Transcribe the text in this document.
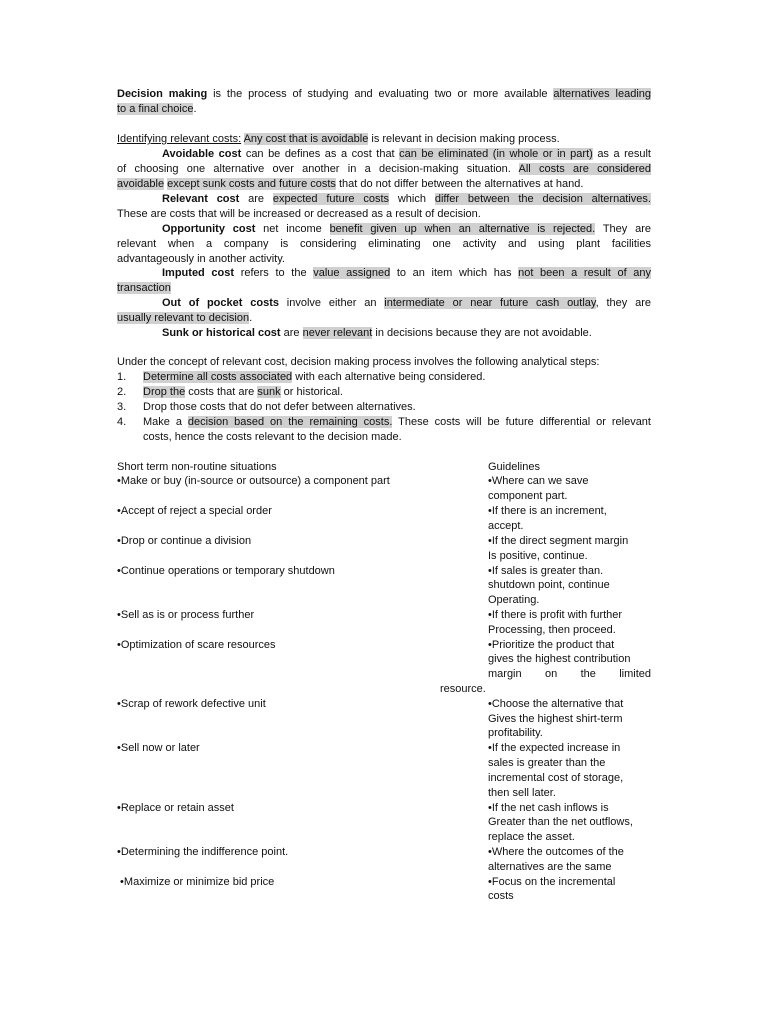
Decision making is the process of studying and evaluating two or more available alternatives leading
to a final choice.
Identifying relevant costs: Any cost that is avoidable is relevant in decision making process.
Avoidable cost can be defines as a cost that can be eliminated (in whole or in part) as a result
of choosing one alternative over another in a decision-making situation. All costs are considered
avoidable except sunk costs and future costs that do not differ between the alternatives at hand.
Relevant cost are expected future costs which differ between the decision alternatives.
These are costs that will be increased or decreased as a result of decision.
Opportunity cost net income benefit given up when an alternative is rejected. They are
relevant when a company is considering eliminating one activity and using plant facilities
advantageously in another activity.
Imputed cost refers to the value assigned to an item which has not been a result of any
transaction
Out of pocket costs involve either an intermediate or near future cash outlay, they are
usually relevant to decision.
Sunk or historical cost are never relevant in decisions because they are not avoidable.
Under the concept of relevant cost, decision making process involves the following analytical steps:
1. Determine all costs associated with each alternative being considered.
2. Drop the costs that are sunk or historical.
3. Drop those costs that do not defer between alternatives.
4. Make a decision based on the remaining costs. These costs will be future differential or relevant
costs, hence the costs relevant to the decision made.
Short term non-routine situations	Guidelines
•Make or buy (in-source or outsource) a component part
•Accept of reject a special order
•Drop or continue a division
•Continue operations or temporary shutdown
•Sell as is or process further
•Optimization of scare resources
•Scrap of rework defective unit
•Sell now or later
•Replace or retain asset
•Determining the indifference point.
•Maximize or minimize bid price
•Where can we save
component part.
•If there is an increment,
accept.
•If the direct segment margin
Is positive, continue.
•If sales is greater than.
shutdown point, continue
Operating.
•If there is profit with further
Processing, then proceed.
•Prioritize the product that
gives the highest contribution
margin on the limited
resource.
•Choose the alternative that
Gives the highest shirt-term
profitability.
•If the expected increase in
sales is greater than the
incremental cost of storage,
then sell later.
•If the net cash inflows is
Greater than the net outflows,
replace the asset.
•Where the outcomes of the
alternatives are the same
•Focus on the incremental
costs
